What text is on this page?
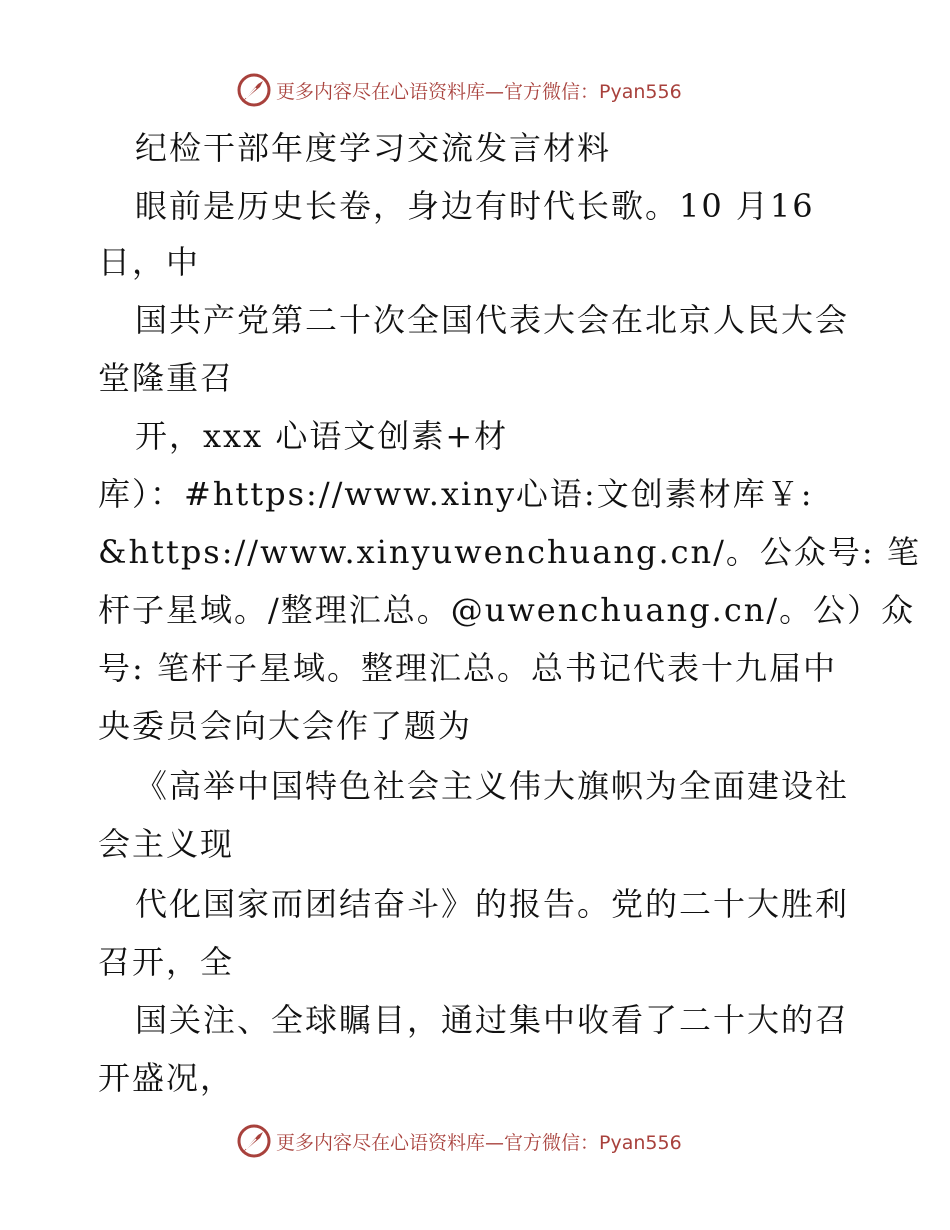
更多内容尽在心语资料库—官方微信：Pyan556
纪检干部年度学习交流发言材料
眼前是历史长卷，身边有时代长歌。10 月16
日，中
国共产党第二十次全国代表大会在北京人民大会
堂隆重召
开，xxx 心语文创素+材
库）：#https://www.xiny心语:文创素材库￥:
&https://www.xinyuwenchuang.cn/。公众号: 笔
杆子星域。/整理汇总。@uwenchuang.cn/。公）众
号: 笔杆子星域。整理汇总。总书记代表十九届中
央委员会向大会作了题为
《高举中国特色社会主义伟大旗帜为全面建设社
会主义现
代化国家而团结奋斗》的报告。党的二十大胜利
召开，全
国关注、全球瞩目，通过集中收看了二十大的召
开盛况，
更多内容尽在心语资料库—官方微信：Pyan556
